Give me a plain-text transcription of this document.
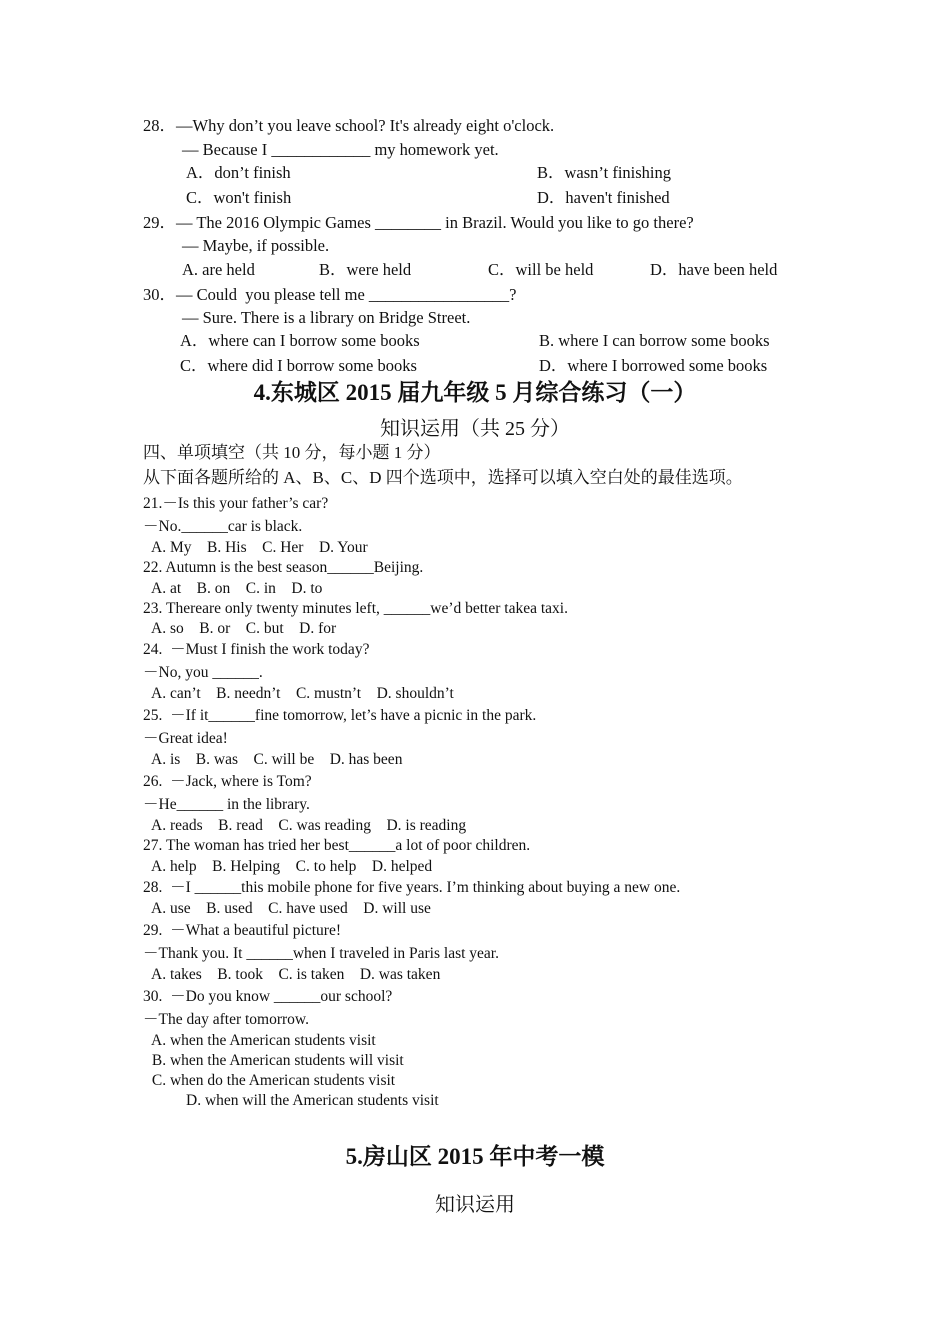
28．—Why don’t you leave school? It's already eight o'clock.
— Because I ____________ my homework yet.
A．don’t finish	B．wasn’t finishing
C．won't finish	D．haven't finished
29．— The 2016 Olympic Games ________ in Brazil. Would you like to go there?
— Maybe, if possible.
A. are held	B．were held	C．will be held	D．have been held
30．— Could  you please tell me _________________?
— Sure. There is a library on Bridge Street.
A．where can I borrow some books	B. where I can borrow some books
C．where did I borrow some books	D．where I borrowed some books
4.东城区 2015 届九年级 5 月综合练习（一）
知识运用（共 25 分）
四、单项填空（共 10 分，每小题 1 分）
从下面各题所给的 A、B、C、D 四个选项中，选择可以填入空白处的最佳选项。
21.－Is this your father’s car?
－No.______car is black.
A. My    B. His    C. Her    D. Your
22. Autumn is the best season______Beijing.
A. at    B. on    C. in    D. to
23. Thereare only twenty minutes left, ______we’d better takea taxi.
A. so    B. or    C. but    D. for
24.  －Must I finish the work today?
－No, you ______.
A. can’t    B. needn’t    C. mustn’t    D. shouldn’t
25.  －If it______fine tomorrow, let’s have a picnic in the park.
－Great idea!
A. is    B. was    C. will be    D. has been
26.  －Jack, where is Tom?
－He______ in the library.
A. reads    B. read    C. was reading    D. is reading
27. The woman has tried her best______a lot of poor children.
A. help    B. Helping    C. to help    D. helped
28.  －I ______this mobile phone for five years. I’m thinking about buying a new one.
A. use    B. used    C. have used    D. will use
29.  －What a beautiful picture!
－Thank you. It ______when I traveled in Paris last year.
A. takes    B. took    C. is taken    D. was taken
30.  －Do you know ______our school?
－The day after tomorrow.
A. when the American students visit
B. when the American students will visit
C. when do the American students visit
D. when will the American students visit
5.房山区 2015 年中考一模
知识运用
